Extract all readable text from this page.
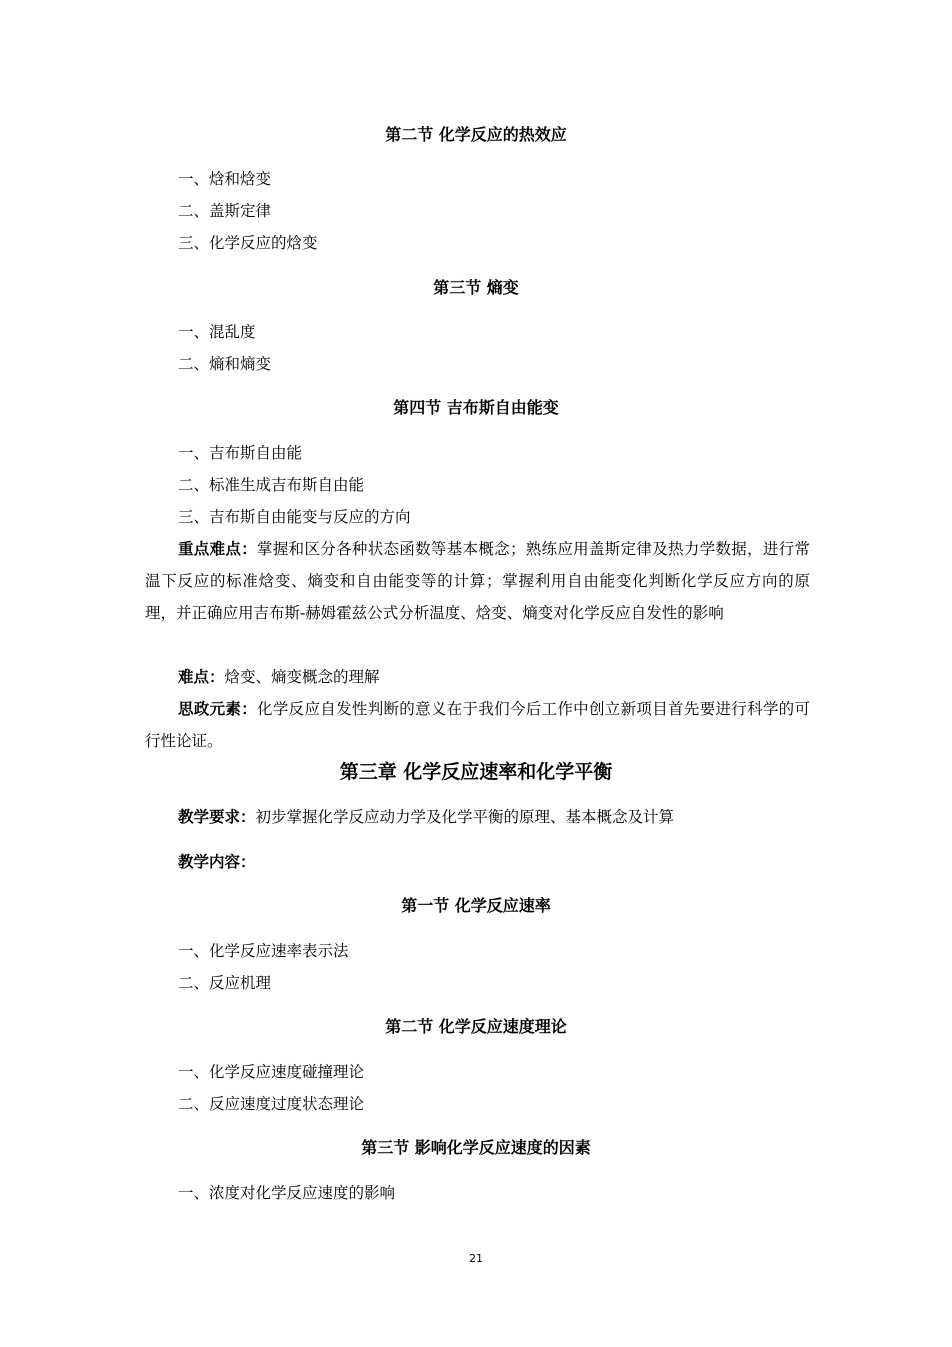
第二节 化学反应的热效应
一、焓和焓变
二、盖斯定律
三、化学反应的焓变
第三节 熵变
一、混乱度
二、熵和熵变
第四节 吉布斯自由能变
一、吉布斯自由能
二、标准生成吉布斯自由能
三、吉布斯自由能变与反应的方向

重点难点：掌握和区分各种状态函数等基本概念；熟练应用盖斯定律及热力学数据，进行常温下反应的标准焓变、熵变和自由能变等的计算；掌握利用自由能变化判断化学反应方向的原理，并正确应用吉布斯-赫姆霍兹公式分析温度、焓变、熵变对化学反应自发性的影响

难点：焓变、熵变概念的理解

思政元素：化学反应自发性判断的意义在于我们今后工作中创立新项目首先要进行科学的可行性论证。

第三章 化学反应速率和化学平衡
教学要求：初步掌握化学反应动力学及化学平衡的原理、基本概念及计算
教学内容：
第一节 化学反应速率
一、化学反应速率表示法
二、反应机理
第二节 化学反应速度理论
一、化学反应速度碰撞理论
二、反应速度过度状态理论
第三节 影响化学反应速度的因素
一、浓度对化学反应速度的影响
21
